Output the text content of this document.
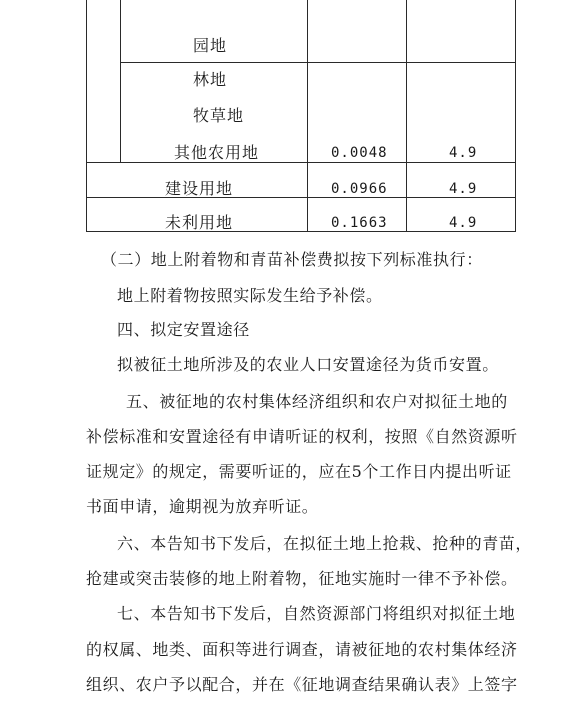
园地
林地
牧草地
其他农用地	0.0048	4.9
建设用地	0.0966	4.9
未利用地	0.1663	4.9
（二）地上附着物和青苗补偿费拟按下列标准执行：
地上附着物按照实际发生给予补偿。
四、拟定安置途径
拟被征土地所涉及的农业人口安置途径为货币安置。
五、被征地的农村集体经济组织和农户对拟征土地的
补偿标准和安置途径有申请听证的权利，按照《自然资源听
证规定》的规定，需要听证的，应在5个工作日内提出听证
书面申请，逾期视为放弃听证。
六、本告知书下发后，在拟征土地上抢栽、抢种的青苗，
抢建或突击装修的地上附着物，征地实施时一律不予补偿。
七、本告知书下发后，自然资源部门将组织对拟征土地
的权属、地类、面积等进行调查，请被征地的农村集体经济
组织、农户予以配合，并在《征地调查结果确认表》上签字
